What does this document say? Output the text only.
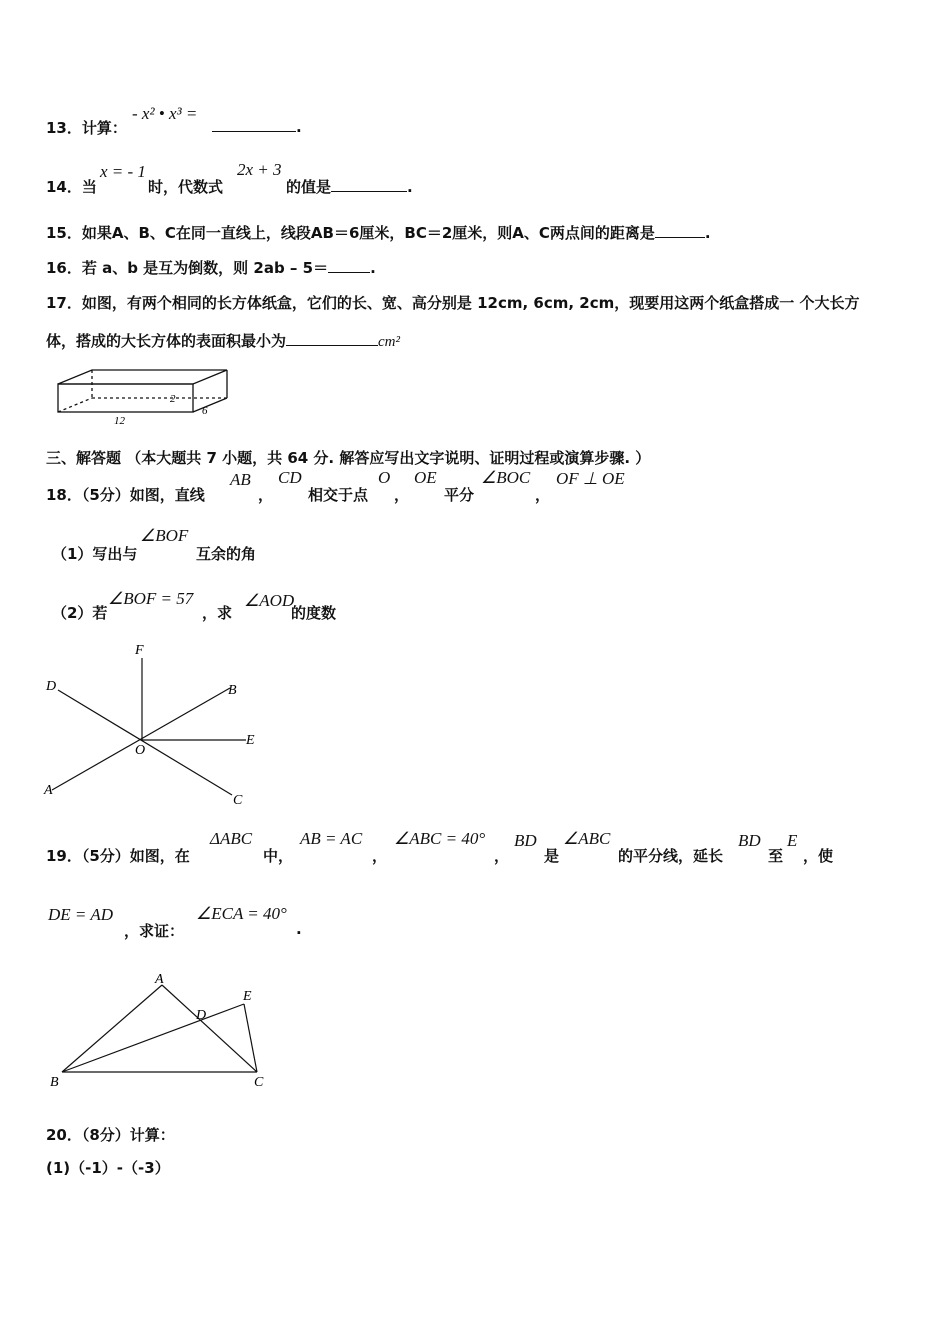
13．计算：
- x² • x³ =
.
14．当
x = - 1
时，代数式
2x + 3
的值是	.
15．如果A、B、C在同一直线上，线段AB＝6厘米，BC＝2厘米，则A、C两点间的距离是	.
16．若 a、b 是互为倒数，则 2ab – 5＝	.
17．如图，有两个相同的长方体纸盒，它们的长、宽、高分别是 12cm, 6cm, 2cm，现要用这两个纸盒搭成一 个大长方
体，搭成的大长方体的表面积最小为	cm²
2
12
6
三、解答题 （本大题共 7 小题，共 64 分. 解答应写出文字说明、证明过程或演算步骤. ）
18．（5分）如图，直线
AB
，
CD
相交于点
O
，
OE
平分
∠BOC
，
OF ⊥ OE
（1）写出与
∠BOF
互余的角
（2）若
∠BOF = 57
，求
∠AOD
的度数
F
D	B
E
O
A
C
19．（5分）如图，在
ΔABC
中，
AB = AC
，
∠ABC = 40°
，
BD
是
∠ABC
的平分线，延长
BD
至
E
，使
DE = AD
，求证：
∠ECA = 40°
.
A
D
E
B	C
20．（8分）计算：
(1)（-1）-（-3）
